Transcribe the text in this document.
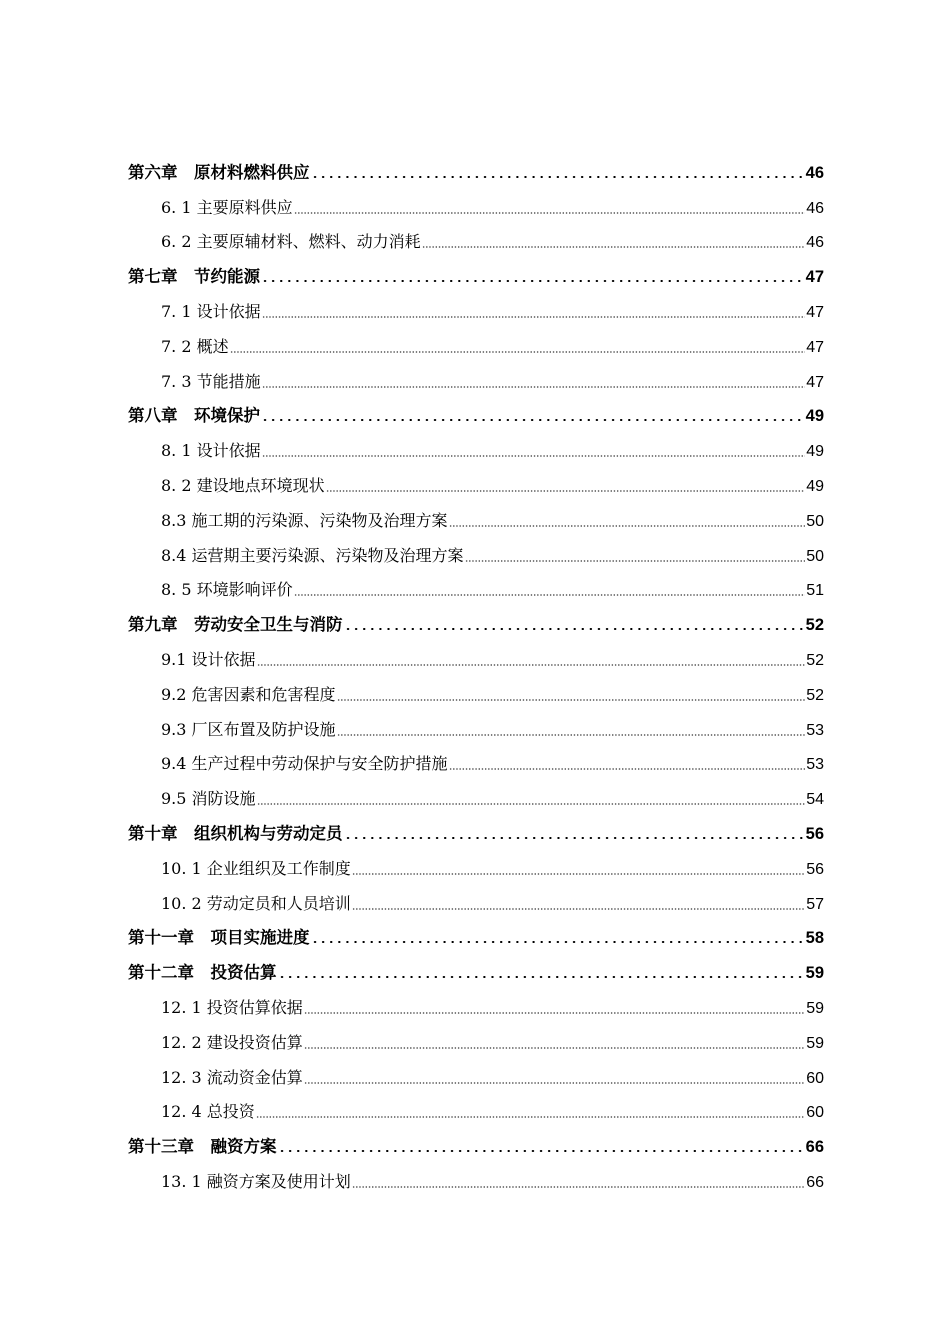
第六章　原材料燃料供应	46
6. 1 主要原料供应	46
6. 2 主要原辅材料、燃料、动力消耗	46
第七章　节约能源	47
7. 1 设计依据	47
7. 2 概述	47
7. 3 节能措施	47
第八章　环境保护	49
8. 1 设计依据	49
8. 2 建设地点环境现状	49
8.3 施工期的污染源、污染物及治理方案	50
8.4 运营期主要污染源、污染物及治理方案	50
8. 5 环境影响评价	51
第九章　劳动安全卫生与消防	52
9.1 设计依据	52
9.2 危害因素和危害程度	52
9.3 厂区布置及防护设施	53
9.4 生产过程中劳动保护与安全防护措施	53
9.5 消防设施	54
第十章　组织机构与劳动定员	56
10. 1 企业组织及工作制度	56
10. 2 劳动定员和人员培训	57
第十一章　项目实施进度	58
第十二章　投资估算	59
12. 1 投资估算依据	59
12. 2 建设投资估算	59
12. 3 流动资金估算	60
12. 4 总投资	60
第十三章　融资方案	66
13. 1 融资方案及使用计划	66
